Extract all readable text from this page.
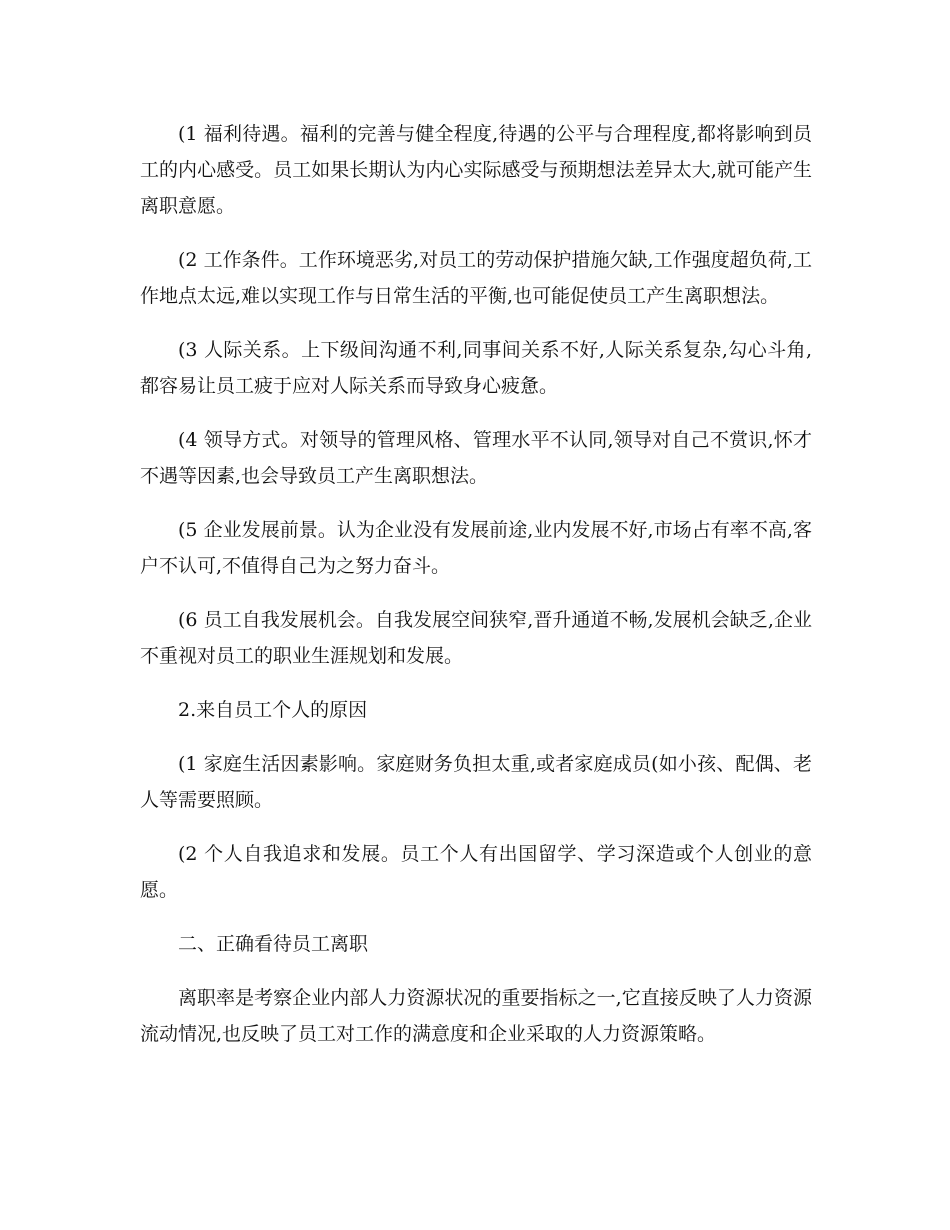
(1 福利待遇。福利的完善与健全程度,待遇的公平与合理程度,都将影响到员工的内心感受。员工如果长期认为内心实际感受与预期想法差异太大,就可能产生离职意愿。

(2 工作条件。工作环境恶劣,对员工的劳动保护措施欠缺,工作强度超负荷,工作地点太远,难以实现工作与日常生活的平衡,也可能促使员工产生离职想法。

(3 人际关系。上下级间沟通不利,同事间关系不好,人际关系复杂,勾心斗角,都容易让员工疲于应对人际关系而导致身心疲惫。

(4 领导方式。对领导的管理风格、管理水平不认同,领导对自己不赏识,怀才不遇等因素,也会导致员工产生离职想法。

(5 企业发展前景。认为企业没有发展前途,业内发展不好,市场占有率不高,客户不认可,不值得自己为之努力奋斗。

(6 员工自我发展机会。自我发展空间狭窄,晋升通道不畅,发展机会缺乏,企业不重视对员工的职业生涯规划和发展。

2.来自员工个人的原因

(1 家庭生活因素影响。家庭财务负担太重,或者家庭成员(如小孩、配偶、老人等需要照顾。

(2 个人自我追求和发展。员工个人有出国留学、学习深造或个人创业的意愿。

二、正确看待员工离职

离职率是考察企业内部人力资源状况的重要指标之一,它直接反映了人力资源流动情况,也反映了员工对工作的满意度和企业采取的人力资源策略。
